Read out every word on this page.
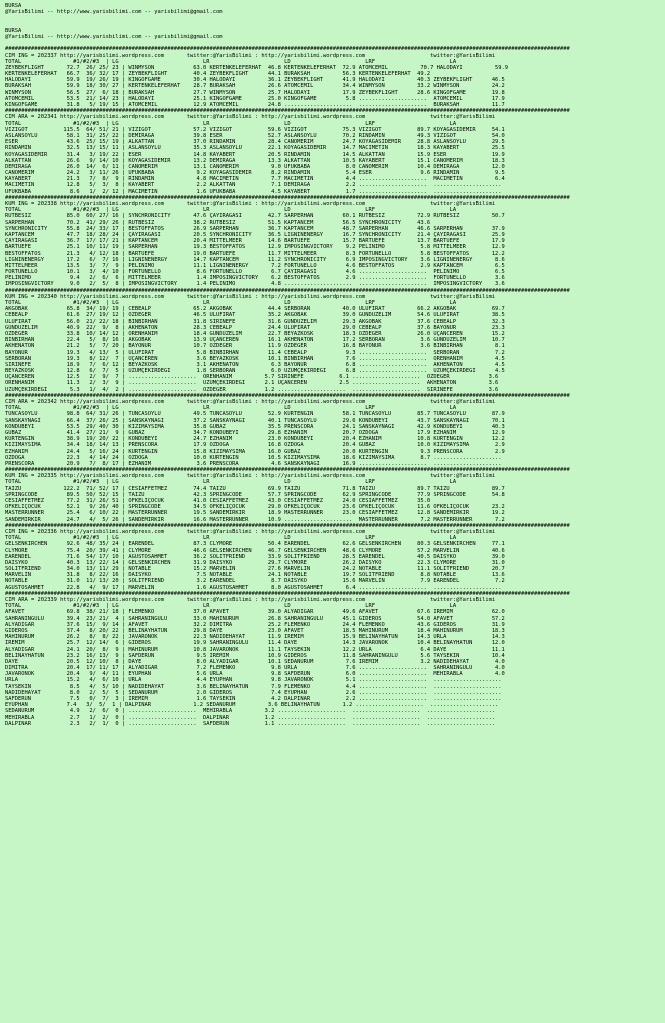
BURSA
@YarisBilimi -- http://www.yarisbilimi.com -- yarisbilimi@gmail.com

BURSA
@YarisBilimi -- http://www.yarisbilimi.com -- yarisbilimi@gmail.com

##############################################################################################################################################################################
CIM ING = 202337 http://yarisbilimi.wordpress.com       twitter:@YarisBilimi : http://yarisbilimi.wordpress.com                    twitter:@YarisBilimi
TOTAL                #1/#2/#3  | LG                          LR                       LD                       LRF                       LA
ZEYBEKFLIGHT       72.7  26/ 25/ 23 | WINMYSON            63.0 KERTENKELEFERHAT  46.8 KERTENKELEFERHAT  72.9 ATOMCEMIL          70.7 HALODAYI          59.9
KERTENKELEFERHAT   66.7  36/ 32/ 17 | ZEYBEKFLIGHT        40.4 ZEYBEKFLIGHT      44.1 BURAKSAH          56.3 KERTENKELEFERHAT  49.2
HALODAYI           59.9  19/ 26/ 19 | KINGOFGAME          30.4 HALODAYI          36.1 ZEYBEKFLIGHT      41.9 HALODAYI          40.3 ZEYBEKFLIGHT      46.5
BURAKSAH           59.9  18/ 30/ 27 | KERTENKELEFERHAT    28.7 BURAKSAH          26.6 ATOMCEMIL         34.4 WINMYSON          33.2 WINMYSON          24.2
WINMYSON           56.5  27/  6/ 18 | BURAKSAH            27.7 WINMYSON          25.7 HALODAYI          17.9 ZEYBEKFLIGHT      28.6 KINGOFGAME        19.8
ATOMCEMIL          53.5  21/ 14/ 23 | HALODAYI            25.1 KINGOFGAME        25.0 KINGOFGAME         5.8 .....................  ATOMCEMIL         17.9
KINGOFGAME         31.8   5/ 19/ 15 | ATOMCEMIL           12.9 ATOMCEMIL         24.8 .....................  .....................  BURAKSAH          11.7
##############################################################################################################################################################################
CIM ARA = 202341 http://yarisbilimi.wordpress.com       twitter:@YarisBilimi : http://yarisbilimi.wordpress.com                    twitter:@YarisBilimi
TOTAL                #1/#2/#3  | LG                          LR                       LD                       LRF                       LA
VIZIGOT           115.5  64/ 51/ 21 | VIZIGOT             57.2 VIZIGOT           59.6 VIZIGOT           75.3 VIZIGOT           89.7 KÖYAGASIDEMIR     54.1
ASLANSOYLU         58.1  31/ 25/ 22 | DEMIRAGA            39.8 ESER              52.7 ASLANSOYLU        70.2 RINDAMIN          49.3 VIZIGOT           54.0
ESER               43.6  25/ 15/ 19 | ALKATTAN            37.0 RINDAMIN          28.4 CANOMERIM         24.7 KÖYAGASIDEMIR     28.8 ASLANSOYLU        29.5
RINDAMIN           32.5  13/ 15/ 11 | ASLANSOYLU          35.3 ASLANSOYLU        22.1 KÖYAGASIDEMIR     14.7 MACIMETIN         18.3 KAYABERT          25.5
KÖYAGASIDEMIR      31.4   3/ 19/ 22 | ESER                14.8 KAYABERT          20.5 RINDAMIN          14.5 ALKATTAN          15.9 ESER              19.9
ALKATTAN           26.6   9/ 14/ 10 | KÖYAGASIDEMIR       13.2 DEMIRAGA          13.3 ALKATTAN          10.5 KAYABERT          15.1 CANOMERIM         18.3
DEMIRAGA           26.0  14/  6/ 11 | CANOMERIM           13.1 CANOMERIM          9.0 UFUKBABA           8.0 CANOMERIM         10.4 DEMIRAGA          12.0
CANOMERIM          24.2   3/ 11/ 26 | UFUKBABA             9.2 KÖYAGASIDEMIR      8.2 RINDAMIN           5.4 ESER               9.6 RINDAMIN           9.5
KAYABERT           21.3   7/  8/  9 | RINDAMIN             4.8 MACIMETIN          7.7 MACIMETIN          4.4 .....................  MACIMETIN          6.4
MACIMETIN          12.8   5/  3/  8 | KAYABERT             2.2 ALKATTAN           7.1 DEMIRAGA           2.2 .....................  .....................
UFUKBABA            8.6   1/  2/ 12 | MACIMETIN            1.6 UFUKBABA           4.5 KAYABERT           1.7 .....................  .....................
##############################################################################################################################################################################
KUM ING = 202338 http://yarisbilimi.wordpress.com       twitter:@YarisBilimi : http://yarisbilimi.wordpress.com                    twitter:@YarisBilimi
TOTAL                #1/#2/#3  | LG                          LR                       LD                       LRF                       LA
RÜTBESIZ           85.0  60/ 27/ 16 | SYNCHRONICITY       47.6 ÇAYIRAGASI        42.7 SARPERHAN         60.1 RÜTBESIZ          72.9 RÜTBESIZ          50.7
SARPERHAN          70.2  41/ 29/ 26 | RÜTBESIZ            38.2 RÜTBESIZ          51.5 KAPTANCEM         56.5 SYNCHRONICITY     43.6
SYNCHRONICITY      55.8  24/ 33/ 17 | BESTOFFATOS         26.9 SARPERHAN         36.7 KAPTANCEM         48.7 SARPERHAN         46.6 SARPERHAN         37.9
KAPTANCEM          47.7  18/ 28/ 24 | ÇAYIRAGASI          20.5 SYNCHRONICITY     36.5 LIGNINENERGY      16.7 SYNCHRONICITY     21.4 ÇAYIRAGASI        25.9
ÇAYIRAGASI         36.7  17/ 17/ 21 | KAPTANCEM           20.4 MITTELMEER        14.6 BARTUEFE          15.7 BARTUEFE          13.7 BARTUEFE          17.9
BARTUEFE           25.1  10/ 11/ 19 | SARPERHAN           19.3 BESTOFFATOS       12.9 IMPOSINGVICTORY    9.2 PELINIMO           5.8 MITTELMEER        12.9
BESTOFFATOS        21.3   4/ 12/ 18 | BARTUEFE            19.0 BARTUEFE          11.7 MITTELMEER         8.3 FORTUNELLO         5.8 BESTOFFATOS       12.2
LIGNINENERGY       17.2   6/  7/ 16 | LIGNINENERGY        14.7 KAPTANCEM         11.2 SYNCHRONICITY      6.9 IMPOSINGVICTORY    3.6 LIGNINENERGY       8.6
MITTELMEER         13.5   3/  7/  9 | PELINIMO            11.1 LIGNINENERGY       7.2 FORTUNELLO         4.6 BESTOFFATOS        2.9 KAPTANCEM          6.5
FORTUNELLO         10.1   3/  4/ 10 | FORTUNELLO           8.6 FORTUNELLO         6.7 ÇAYIRAGASI         4.6 .....................  PELINIMO           6.5
PELINIMO            9.4   2/  6/  6 | MITTELMEER           1.4 IMPOSINGVICTORY    6.2 BESTOFFATOS        2.9 .....................  FORTUNELLO         3.6
IMPOSINGVICTORY     9.0   2/  5/  8 | IMPOSINGVICTORY      1.4 PELINIMO           4.8 .....................  .....................  IMPOSINGVICTORY    3.6
##############################################################################################################################################################################
KUM ING = 202340 http://yarisbilimi.wordpress.com       twitter:@YarisBilimi : http://yarisbilimi.wordpress.com                    twitter:@YarisBilimi
TOTAL                #1/#2/#3  | LG                          LR                       LD                       LRF                       LA
AKGOBAK            65.8  34/ 19/ 19 | CEBEALP             65.2 AKGOBAK           44.4 SERBORAN          40.0 ULUFIRAT          66.2 AKGOBAK           69.7
CEBEALP            61.6  27/ 19/ 12 | ÖZDEGER             46.5 ULUFIRAT          35.2 AKGOBAK           39.0 GÜNDÜZELIM        54.6 ULUFIRAT          38.5
ULUFIRAT           56.0  21/ 22/ 18 | BINBIRHAN           31.8 SIRINEFE          31.6 GÜNDÜZELIM        29.3 AKGOBAK           37.6 CEBEALP           32.3
GÜNDÜZELIM         40.9  22/  9/  8 | AKHENATON           28.3 CEBEALP           24.4 ULUFIRAT          29.0 CEBEALP           37.6 BAYONUR           23.3
ÖZDEGER            33.8  10/ 14/ 12 | ÖRENHANIM           18.4 GÜNDÜZELIM        22.7 BEYAZKÖSK         18.3 ÖZDEGER           26.0 UÇANCEREN         15.2
BINBIRHAN          22.4   5/  8/ 16 | AKGOBAK             13.9 UÇANCEREN         16.1 AKHENATON         17.2 SERBORAN           3.6 GÜNDÜZELIM        10.7
AKHENATON          21.2   5/  7/ 20 | BAYONUR             10.7 ÖZDEGER           11.9 ÖZDEGER           16.8 BAYONUR            3.6 BINBIRHAN          8.1
BAYONUR            19.3   4/ 13/  5 | ULUFIRAT             5.8 BINBIRHAN         11.4 CEBEALP            9.3 .....................  SERBORAN           7.2
SERBORAN           19.3   8/ 12/  7 | UÇANCEREN            3.6 BEYAZKÖSK         10.1 BINBIRHAN          7.6 .....................  ÖRENHANIM          4.5
SIRINEFE           18.9   7/  6/ 12 | BEYAZKÖSK            3.1 AKHENATON          6.3 BAYONUR            6.8 .....................  AKHENATON          4.5
BEYAZKÖSK          12.8   6/  7/  5 | ÜZÜMÇEKIRDEGI        1.8 SERBORAN           6.0 ÜZÜMÇEKIRDEGI      6.8 .....................  ÜZÜMÇEKIRDEGI      4.5
UÇANCEREN          12.5   2/  9/  7 | .....................  ÖRENHANIM          5.7 SIRINEFE           6.1 .....................  ÖZDEGER            3.6
ÖRENHANIM          11.3   2/  3/  9 | .....................  ÜZÜMÇEKIRDEGI      2.1 UÇANCEREN          2.5 .....................  AKHENATON          3.6
ÜZÜMÇEKIRDEGI       5.3   1/  4/  2 | .....................  ÖZDEGER            1.2 .....................  .....................  SIRINEFE           3.6
##############################################################################################################################################################################
CIM ARA = 202342 http://yarisbilimi.wordpress.com       twitter:@YarisBilimi : http://yarisbilimi.wordpress.com                    twitter:@YarisBilimi
TOTAL                #1/#2/#3  | LG                          LR                       LD                       LRF                       LA
TUNCASOYLU         98.8  64/ 31/ 26 | TUNCASOYLU          49.5 TUNCASOYLU        52.9 KURTENGIN         58.1 TUNCASOYLU        85.7 TUNCASOYLU        87.9
SANSKAYNAGI        66.4  37/ 26/ 25 | SANSKAYNAGI         37.2 SANSKAYNAGI       40.1 TUNCASOYLU        29.6 KONDUBEYI         43.7 SANSKAYNAGI       70.1
KONDUBEYI          53.5  29/ 40/ 30 | KIZIMAYSIMA         35.8 GUBAZ             35.5 PRENSCORA         24.1 SANSKAYNAGI       42.9 KONDUBEYI         40.3
GUBAZ              41.4  27/ 21/  9 | GUBAZ               34.7 KONDUBEYI         29.8 EZHANIM           20.7 ÖZDOGA            17.9 EZHANIM           12.9
KURTENGIN          38.9  19/ 20/ 22 | KONDUBEYI           24.7 EZHANIM           23.0 KONDUBEYI         20.4 EZHANIM           10.8 KURTENGIN         12.2
KIZIMAYSIMA        34.4  18/ 14/ 13 | PRENSCORA           17.9 ÖZDOGA            16.8 ÖZDOGA            20.4 GUBAZ             10.0 KIZIMAYSIMA        2.9
EZHANIM            24.4   5/ 16/ 24 | KURTENGIN           15.8 KIZIMAYSIMA       16.0 GUBAZ             20.0 KURTENGIN          9.3 PRENSCORA          2.9
ÖZDOGA             22.3   4/ 14/ 24 | ÖZDOGA              10.0 KURTENGIN         10.5 KIZIMAYSIMA       18.6 KIZIMAYSIMA        8.7 .....................
PRENSCORA          20.9   7/  8/ 17 | EZHANIM              3.6 PRENSCORA          4.6 SANSKAYNAGI       16.9 .....................  .....................
##############################################################################################################################################################################
KUM ING = 202335 http://yarisbilimi.wordpress.com       twitter:@YarisBilimi : http://yarisbilimi.wordpress.com                    twitter:@YarisBilimi
TOTAL                #1/#2/#3  | LG                          LR                       LD                       LRF                       LA
TAIZU             122.2  71/ 52/ 17 | CESIAFFETMEZ        74.4 TAIZU             69.9 TAIZU             71.8 TAIZU             89.7 TAIZU             89.7
SPRINGCODE         89.5  50/ 52/ 15 | TAIZU               42.3 SPRINGCODE        57.7 SPRINGCODE        62.9 SPRINGCODE        77.9 SPRINGCODE        54.8
CESIAFFETMEZ       77.2  31/ 26/ 51 | ÖFKELIÇOCUK         41.0 CESIAFFETMEZ      43.0 CESIAFFETMEZ      24.0 CESIAFFETMEZ      35.0
ÖFKELIÇOCUK        52.1   9/ 26/ 40 | SPRINGCODE          34.5 ÖFKELIÇOCUK       29.0 ÖFKELIÇOCUK       23.6 ÖFKELIÇOCUK       11.6 ÖFKELIÇOCUK       23.2
MASTERRUNNER       25.4   6/ 10/ 22 | MASTERRUNNER        19.5 SANDEMIRKIR       18.9 MASTERRUNNER      23.0 CESIAFFETMEZ      12.8 SANDEMIRKIR       19.2
SANDEMIRKIR        24.7   4/  5/ 26 | SANDEMIRKIR         16.6 MASTERRUNNER      10.9 .....................  MASTERRUNNER       7.2 MASTERRUNNER       7.2
##############################################################################################################################################################################
CIM ING = 202336 http://yarisbilimi.wordpress.com       twitter:@YarisBilimi : http://yarisbilimi.wordpress.com                    twitter:@YarisBilimi
TOTAL                #1/#2/#3  | LG                          LR                       LD                       LRF                       LA
GELSENKIRCHEN      92.6  48/ 35/ 24 | EARENDEL            87.3 CLYMORE           50.4 EARENDEL          62.6 GELSENKIRCHEN     80.3 GELSENKIRCHEN     77.1
CLYMORE            75.4  20/ 39/ 41 | CLYMORE             46.6 GELSENKIRCHEN     46.7 GELSENKIRCHEN     48.6 CLYMORE           57.2 MARVELIN          40.6
EARENDEL           71.6  54/ 17/ 10 | AGUSTOSAHMET        36.2 SOLITFRIEND       33.9 SOLITFRIEND       28.5 EARENDEL          40.5 DAISYKO           39.0
DAISYKO            40.3  13/ 22/ 14 | GELSENKIRCHEN       31.9 DAISYKO           29.7 CLYMORE           26.2 DAISYKO           22.3 CLYMORE           31.0
SOLITFRIEND        34.0  13/ 11/ 29 | NOTABLE             15.2 MARVELIN          27.6 MARVELIN          24.2 NOTABLE           11.1 SOLITFRIEND       20.7
MARVELIN           31.8   8/ 22/ 16 | DAISYKO              7.5 NOTABLE           24.1 NOTABLE           19.7 SOLITFRIEND        8.8 NOTABLE           13.6
NOTABLE            31.0  11/ 13/ 20 | SOLITFRIEND          3.2 EARENDEL           8.7 DAISYKO           15.6 MARVELIN           7.9 EARENDEL           7.2
AGUSTOSAHMET       22.8   4/  9/ 17 | MARVELIN             1.6 AGUSTOSAHMET       8.0 AGUSTOSAHMET       6.4 .....................  .....................
##############################################################################################################################################################################
CIM ARA = 202339 http://yarisbilimi.wordpress.com       twitter:@YarisBilimi : http://yarisbilimi.wordpress.com                    twitter:@YarisBilimi
TOTAL                #1/#2/#3  | LG                          LR                       LD                       LRF                       LA
AFAVET             69.8  38/ 21/ 18 | FLEMENKO            37.0 AFAVET            39.0 ALYADIGAR         49.6 AFAVET            67.6 IREMIM            62.0
SAHRANINGÜLÜ       39.4  23/ 21/  4 | SAHRANINGÜLÜ        33.0 MAHINURUM         26.8 SAHRANINGÜLÜ      45.1 GIDEROS           54.0 AFAVET            57.2
ALYADIGAR          37.6  15/  9/ 14 | AFAVET              32.2 DIMITRA           25.2 FLEMENKO          24.4 FLEMENKO          43.6 GIDEROS           31.9
GIDEROS            37.4   8/ 20/ 22 | BELINAYHATUN        29.8 DAYE              23.0 AFAVET            18.5 MAHINURUM         18.4 MAHINURUM         18.3
MAHINURUM          26.2   8/  8/ 22 | JAVARONOK           22.3 NADIDEHAYAT       11.9 IREMIM            15.9 BELINAYHATUN      14.3 URLA              14.3
IREMIM             25.7  12/ 14/  6 | GIDEROS             19.9 SAHRANINGÜLÜ      11.4 DAYE              14.3 JAVARONOK         10.4 BELINAYHATUN      12.0
ALYADIGAR          24.1  20/  8/  9 | MAHINURUM           10.8 JAVARONOK         11.1 TAYSEKIN          12.2 URLA               6.4 DAYE              11.1
BELINAYHATUN       23.2  16/ 13/  9 | SAFDERUN             9.5 IREMIM            10.9 GIDEROS           11.8 SAHRANINGÜLÜ       5.6 TAYSEKIN          10.4
DAYE               20.5  12/ 10/  8 | DAYE                 8.0 ALYADIGAR         10.1 SEDANURUM          7.6 IREMIM             3.2 NADIDEHAYAT        4.0
DIMITRA            20.4  17/ 11/ 17 | ALYADIGAR            7.2 FLEMENKO           9.8 URLA               7.6 .....................  SAHRANINGÜLÜ       4.0
JAVARONOK          20.4   9/  4/ 11 | EYUPHAN              5.6 URLA               9.8 SAFDERUN           6.0 .....................  MEHIRABLA          4.0
URLA               15.2   4/  6/ 10 | URLA                 4.4 EYUPHAN            9.8 JAVARONOK          5.1 .....................  .....................
TAYSEKIN            8.5   4/  5/ 10 | NADIDEHAYAT          3.6 BELINAYHATUN       7.9 FLEMENKO           4.4 .....................  .....................
NADIDEHAYAT         8.0   2/  5/  5 | SEDANURUM            2.0 GIDEROS            7.4 EYUPHAN            2.6 .....................  .....................
SAFDERUN            7.5   0/  7/  3 | IREMIM               1.6 TAYSEKIN           4.2 DALPINAR           2.2 .....................  .....................
EYUPHAN            7.4   3/  5/  1 | DALPINAR             1.2 SEDANURUM          3.6 BELINAYHATUN       1.2 .....................  .....................
SEDANURUM           4.9   2/  6/  0 | .....................  MEHIRABLA          3.2 .....................  .....................  .....................
MEHIRABLA           2.7   1/  2/  0 | .....................  DALPINAR           1.2 .....................  .....................  .....................
DALPINAR            2.3   2/  1/  0 | .....................  SAFDERUN           1.1 .....................  .....................  .....................
